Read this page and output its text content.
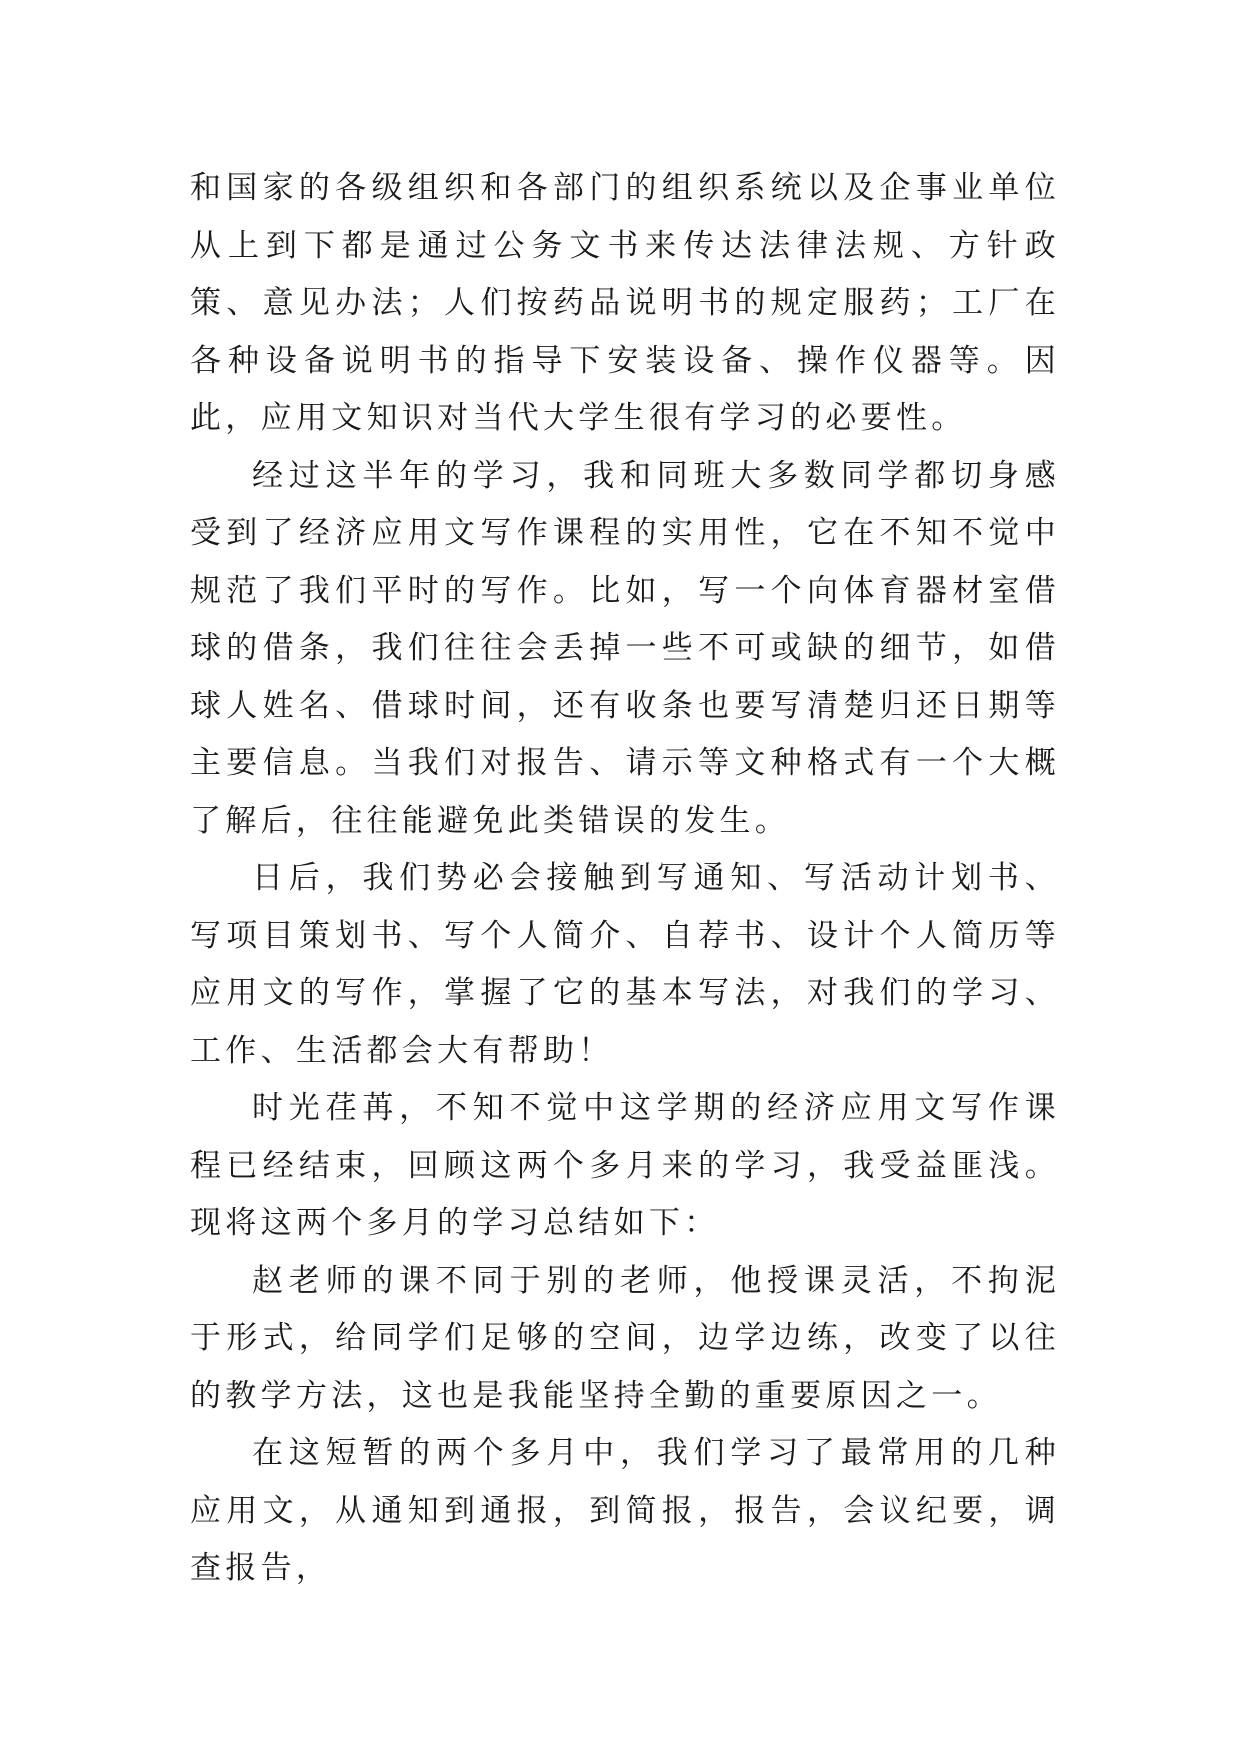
和国家的各级组织和各部门的组织系统以及企事业单位从上到下都是通过公务文书来传达法律法规、方针政策、意见办法；人们按药品说明书的规定服药；工厂在各种设备说明书的指导下安装设备、操作仪器等。因此，应用文知识对当代大学生很有学习的必要性。

经过这半年的学习，我和同班大多数同学都切身感受到了经济应用文写作课程的实用性，它在不知不觉中规范了我们平时的写作。比如，写一个向体育器材室借球的借条，我们往往会丢掉一些不可或缺的细节，如借球人姓名、借球时间，还有收条也要写清楚归还日期等主要信息。当我们对报告、请示等文种格式有一个大概了解后，往往能避免此类错误的发生。

日后，我们势必会接触到写通知、写活动计划书、写项目策划书、写个人简介、自荐书、设计个人简历等应用文的写作，掌握了它的基本写法，对我们的学习、工作、生活都会大有帮助！

时光荏苒，不知不觉中这学期的经济应用文写作课程已经结束，回顾这两个多月来的学习，我受益匪浅。现将这两个多月的学习总结如下：

赵老师的课不同于别的老师，他授课灵活，不拘泥于形式，给同学们足够的空间，边学边练，改变了以往的教学方法，这也是我能坚持全勤的重要原因之一。

在这短暂的两个多月中，我们学习了最常用的几种应用文，从通知到通报，到简报，报告，会议纪要，调查报告，
